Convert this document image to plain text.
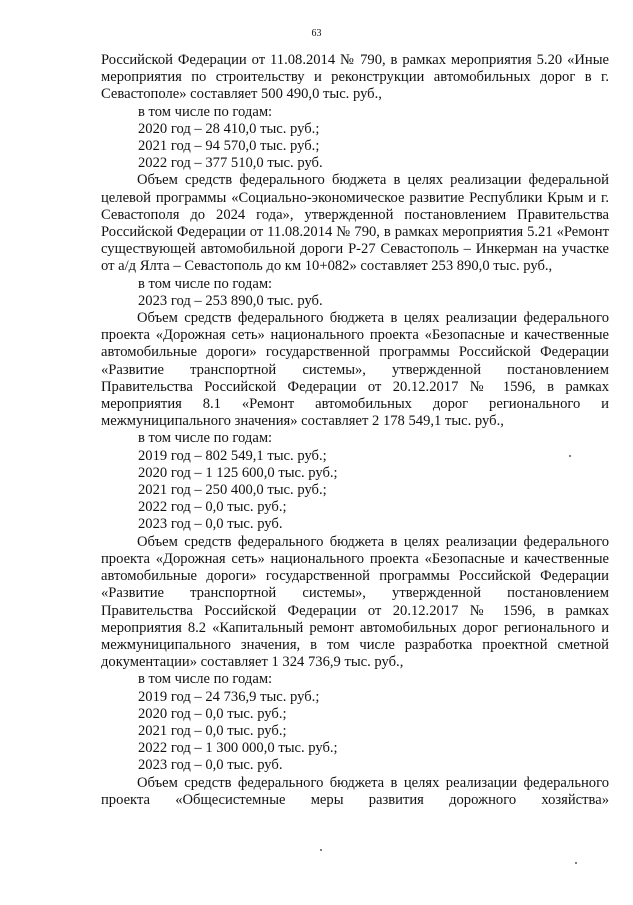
63

Российской Федерации от 11.08.2014 № 790, в рамках мероприятия 5.20 «Иные мероприятия по строительству и реконструкции автомобильных дорог в г. Севастополе» составляет 500 490,0 тыс. руб.,

в том числе по годам:

2020 год – 28 410,0 тыс. руб.;

2021 год – 94 570,0 тыс. руб.;

2022 год – 377 510,0 тыс. руб.

Объем средств федерального бюджета в целях реализации федеральной целевой программы «Социально-экономическое развитие Республики Крым и г. Севастополя до 2024 года», утвержденной постановлением Правительства Российской Федерации от 11.08.2014 № 790, в рамках мероприятия 5.21 «Ремонт существующей автомобильной дороги Р-27 Севастополь – Инкерман на участке от а/д Ялта – Севастополь до км 10+082» составляет 253 890,0 тыс. руб.,

в том числе по годам:

2023 год – 253 890,0 тыс. руб.

Объем средств федерального бюджета в целях реализации федерального проекта «Дорожная сеть» национального проекта «Безопасные и качественные автомобильные дороги» государственной программы Российской Федерации «Развитие транспортной системы», утвержденной постановлением Правительства Российской Федерации от 20.12.2017 № 1596, в рамках мероприятия 8.1 «Ремонт автомобильных дорог регионального и межмуниципального значения» составляет 2 178 549,1 тыс. руб.,

в том числе по годам:

2019 год – 802 549,1 тыс. руб.;

2020 год – 1 125 600,0 тыс. руб.;

2021 год – 250 400,0 тыс. руб.;

2022 год – 0,0 тыс. руб.;

2023 год – 0,0 тыс. руб.

Объем средств федерального бюджета в целях реализации федерального проекта «Дорожная сеть» национального проекта «Безопасные и качественные автомобильные дороги» государственной программы Российской Федерации «Развитие транспортной системы», утвержденной постановлением Правительства Российской Федерации от 20.12.2017 № 1596, в рамках мероприятия 8.2 «Капитальный ремонт автомобильных дорог регионального и межмуниципального значения, в том числе разработка проектной сметной документации» составляет 1 324 736,9 тыс. руб.,

в том числе по годам:

2019 год – 24 736,9 тыс. руб.;

2020 год – 0,0 тыс. руб.;

2021 год – 0,0 тыс. руб.;

2022 год – 1 300 000,0 тыс. руб.;

2023 год – 0,0 тыс. руб.

Объем средств федерального бюджета в целях реализации федерального проекта «Общесистемные меры развития дорожного хозяйства»
